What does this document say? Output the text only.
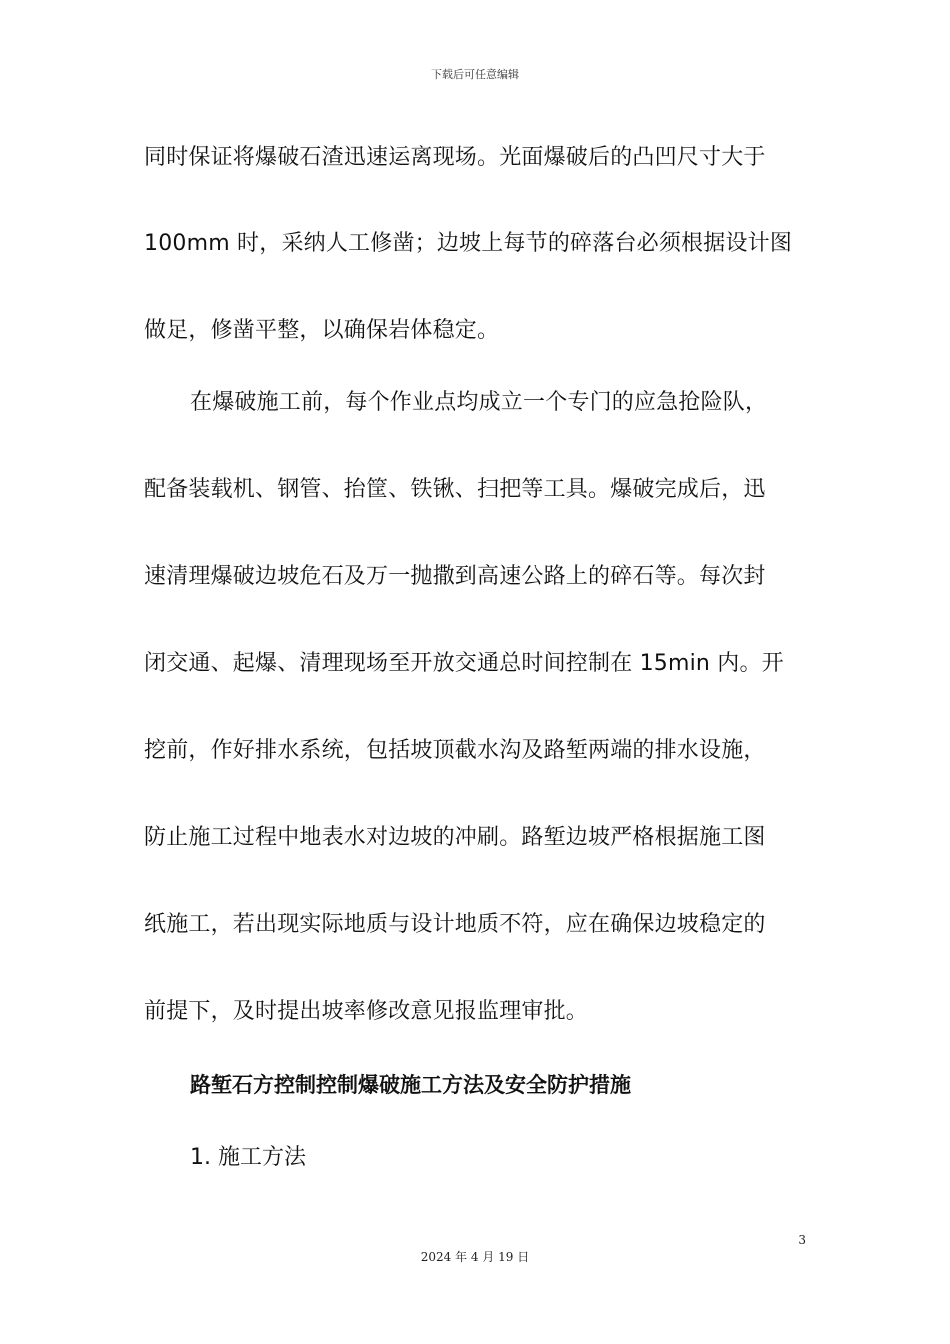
下载后可任意编辑
同时保证将爆破石渣迅速运离现场。光面爆破后的凸凹尺寸大于
100mm 时，采纳人工修凿；边坡上每节的碎落台必须根据设计图
做足，修凿平整，以确保岩体稳定。
在爆破施工前，每个作业点均成立一个专门的应急抢险队，
配备装载机、钢管、抬筐、铁锹、扫把等工具。爆破完成后，迅
速清理爆破边坡危石及万一抛撒到高速公路上的碎石等。每次封
闭交通、起爆、清理现场至开放交通总时间控制在 15min 内。开
挖前，作好排水系统，包括坡顶截水沟及路堑两端的排水设施，
防止施工过程中地表水对边坡的冲刷。路堑边坡严格根据施工图
纸施工，若出现实际地质与设计地质不符，应在确保边坡稳定的
前提下，及时提出坡率修改意见报监理审批。
路堑石方控制控制爆破施工方法及安全防护措施
1. 施工方法
3
2024 年 4 月 19 日
